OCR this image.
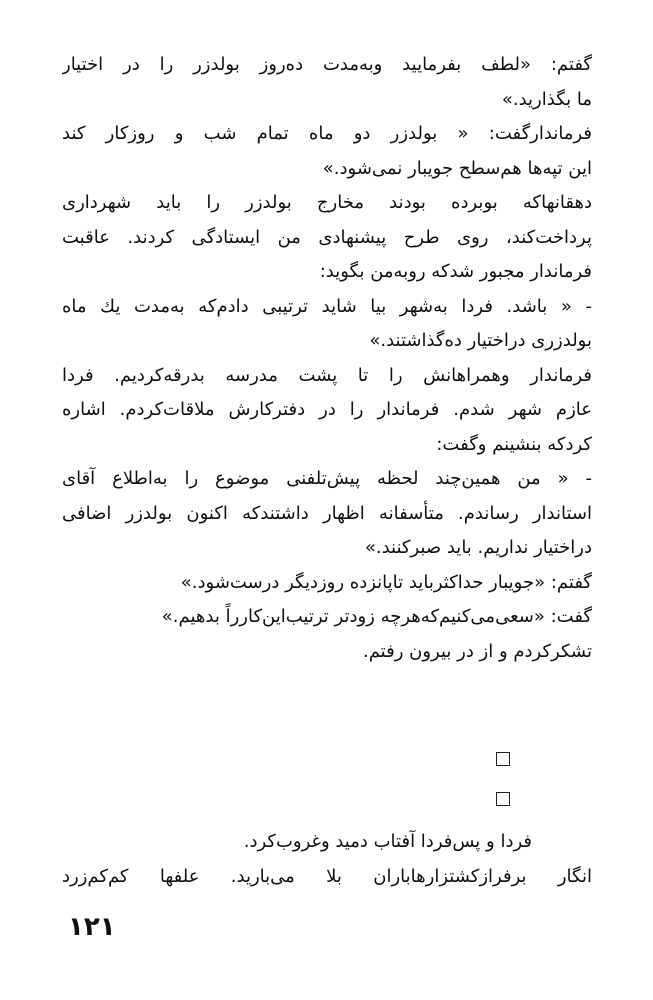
گفتم: «لطف بفرمایید وبه‌مدت ده‌روز بولدزر را در اختیار
ما بگذارید.»
فرماندارگفت: « بولدزر دو ماه تمام شب و روزکار کند
این تپه‌ها هم‌سطح جویبار نمی‌شود.»
دهقانهاکه بوبرده بودند مخارج بولدزر را باید شهرداری
پرداخت‌کند، روی طرح پیشنهادی من ایستادگی کردند. عاقبت
فرماندار مجبور شدکه روبه‌من بگوید:
- « باشد. فردا به‌شهر بیا شاید ترتیبی دادم‌که به‌مدت یك ماه
بولدزری دراختیار ده‌گذاشتند.»
فرماندار وهمراهانش را تا پشت مدرسه بدرقه‌کردیم. فردا
عازم شهر شدم. فرماندار را در دفترکارش ملاقات‌کردم. اشاره
کردکه بنشینم وگفت:
- « من همین‌چند لحظه پیش‌تلفنی موضوع را به‌اطلاع آقای
استاندار رساندم. متأسفانه اظهار داشتندکه اکنون بولدزر اضافی
دراختیار نداریم. باید صبرکنند.»
گفتم: «جویبار حداکثرباید تاپانزده روزدیگر درست‌شود.»
گفت: «سعی‌می‌کنیم‌که‌هرچه زودتر ترتیب‌این‌کارراً بدهیم.»
تشکرکردم و از در بیرون رفتم.
فردا و پس‌فردا آفتاب دمید وغروب‌کرد.
انگار برفرازکشتزارهاباران بلا می‌بارید. علفها کم‌کم‌زرد
۱۲۱
